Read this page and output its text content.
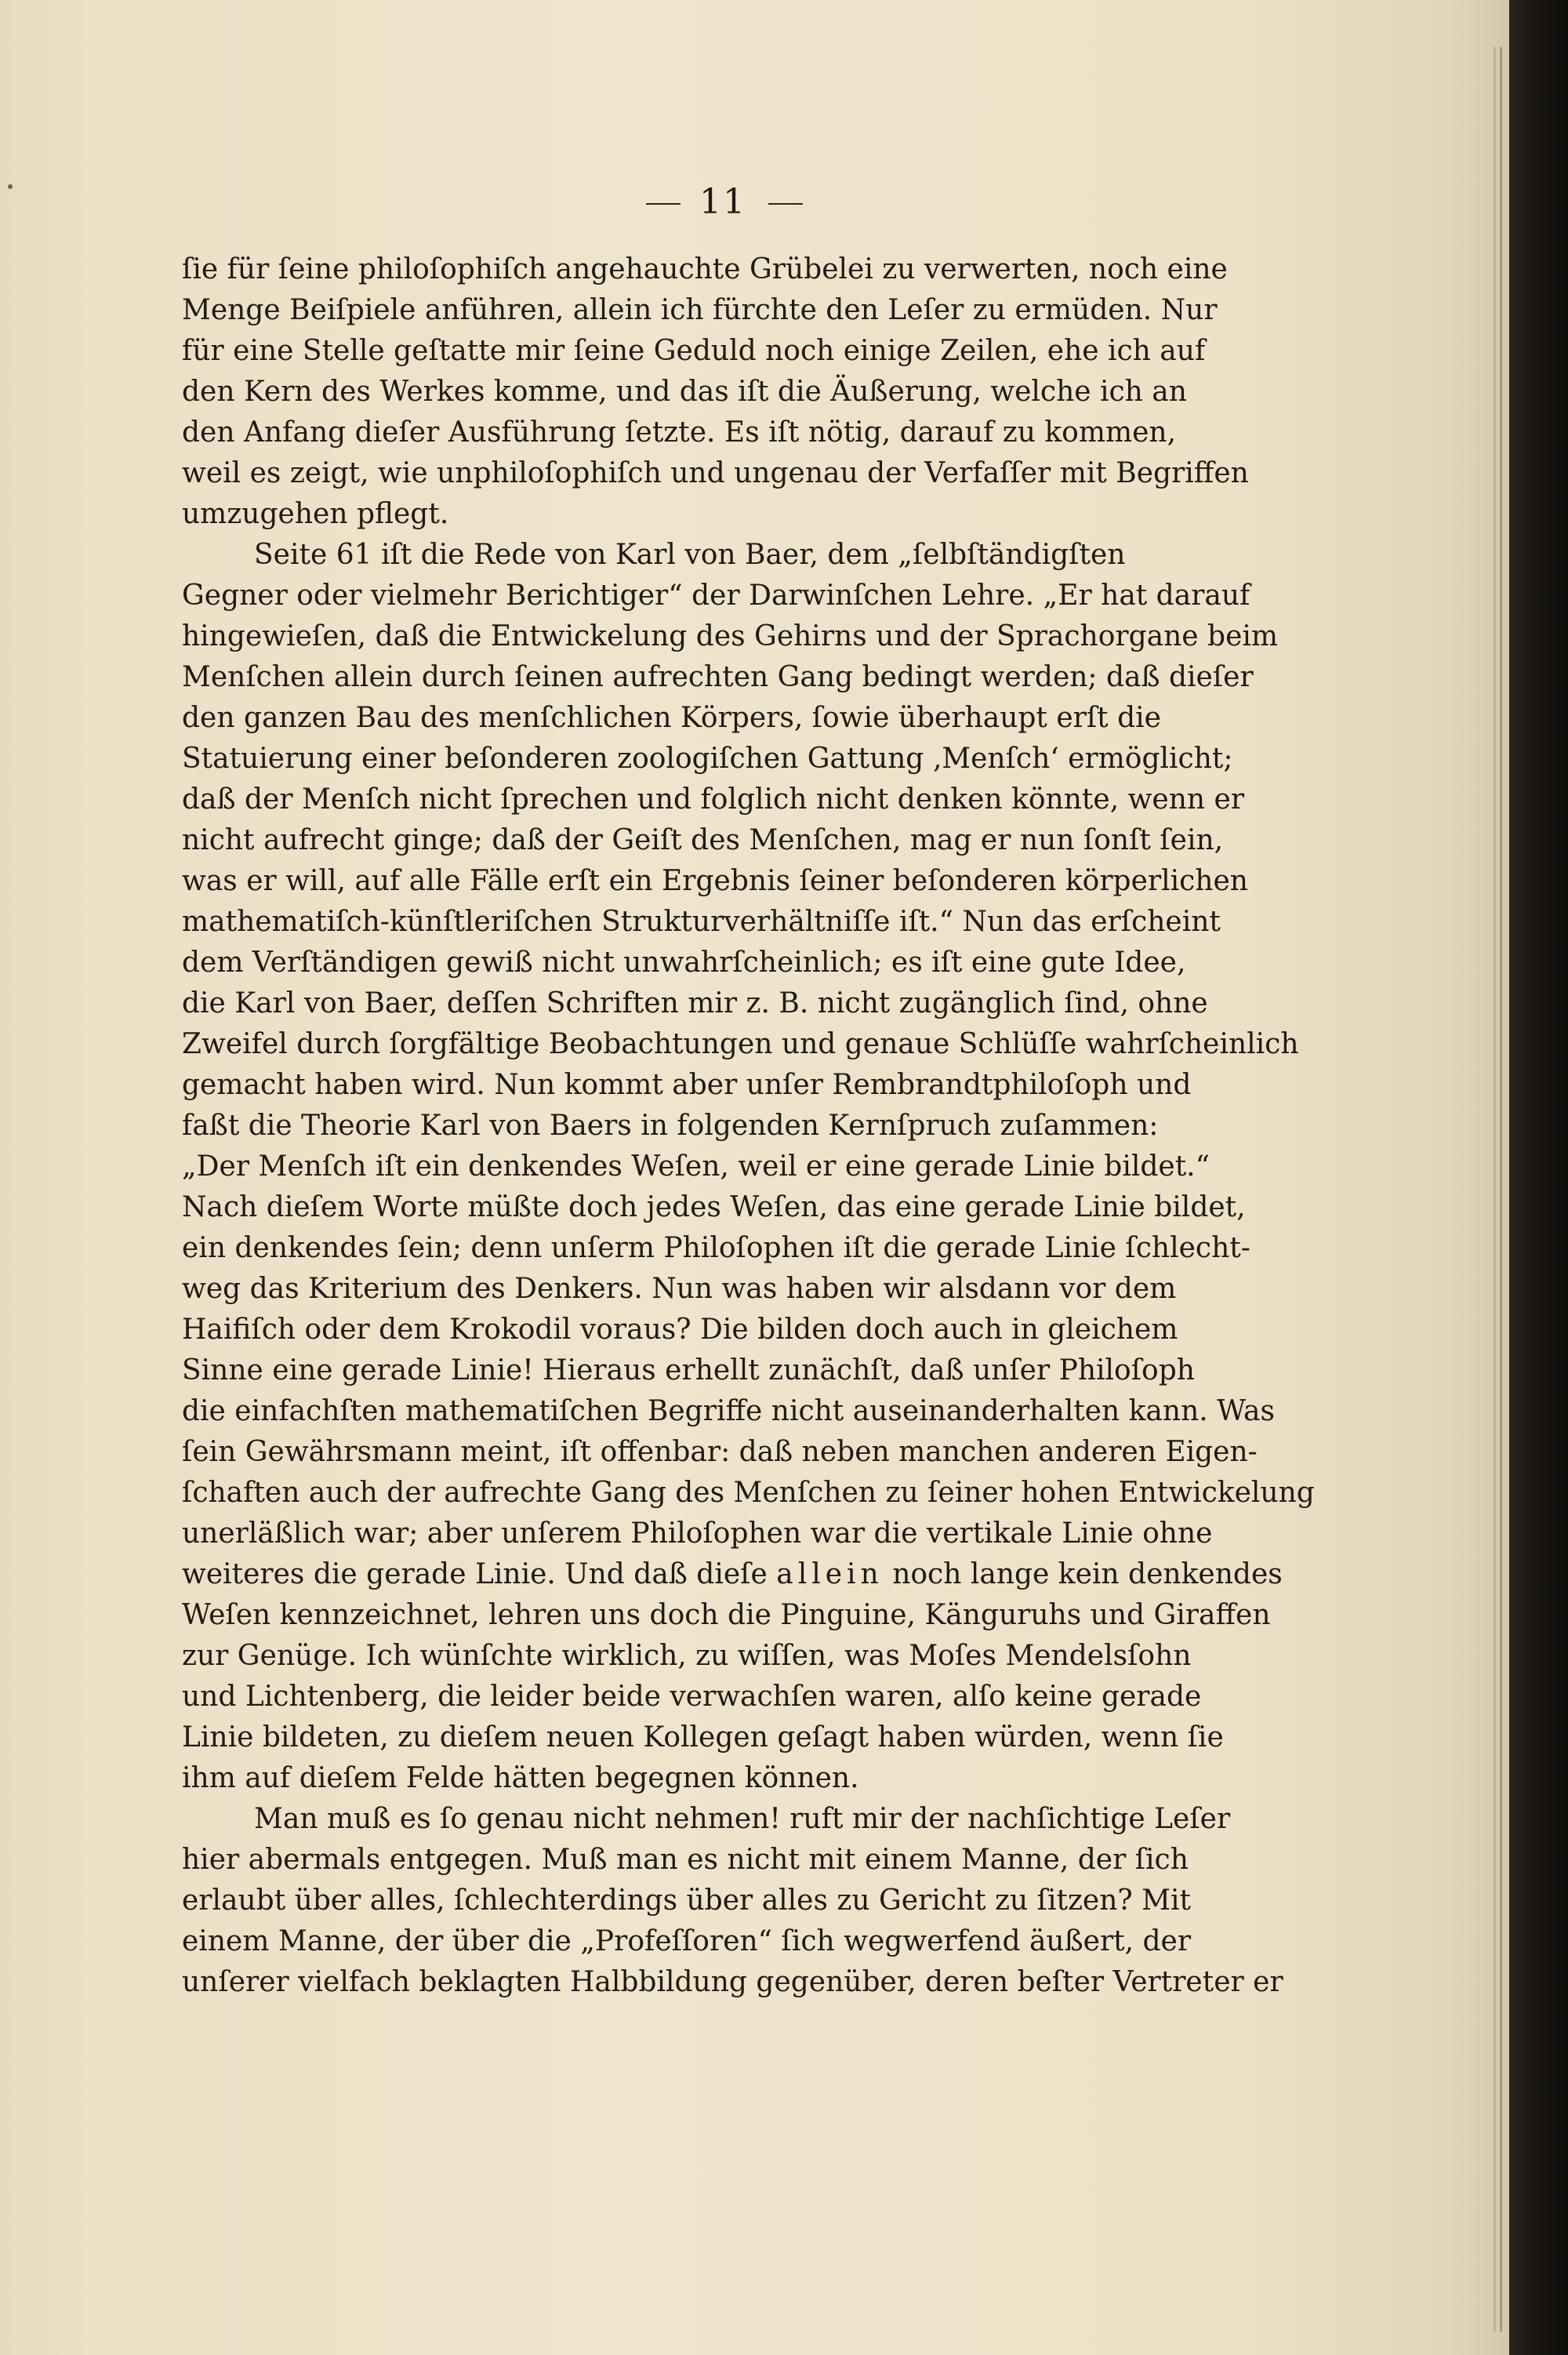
11
ſie für ſeine philoſophiſch angehauchte Grübelei zu verwerten, noch eine
Menge Beiſpiele anführen, allein ich fürchte den Leſer zu ermüden. Nur
für eine Stelle geſtatte mir ſeine Geduld noch einige Zeilen, ehe ich auf
den Kern des Werkes komme, und das iſt die Äußerung, welche ich an
den Anfang dieſer Ausführung ſetzte. Es iſt nötig, darauf zu kommen,
weil es zeigt, wie unphiloſophiſch und ungenau der Verfaſſer mit Begriffen
umzugehen pflegt.
Seite 61 iſt die Rede von Karl von Baer, dem „ſelbſtändigſten
Gegner oder vielmehr Berichtiger“ der Darwinſchen Lehre. „Er hat darauf
hingewieſen, daß die Entwickelung des Gehirns und der Sprachorgane beim
Menſchen allein durch ſeinen aufrechten Gang bedingt werden; daß dieſer
den ganzen Bau des menſchlichen Körpers, ſowie überhaupt erſt die
Statuierung einer beſonderen zoologiſchen Gattung ‚Menſch‘ ermöglicht;
daß der Menſch nicht ſprechen und folglich nicht denken könnte, wenn er
nicht aufrecht ginge; daß der Geiſt des Menſchen, mag er nun ſonſt ſein,
was er will, auf alle Fälle erſt ein Ergebnis ſeiner beſonderen körperlichen
mathematiſch-künſtleriſchen Strukturverhältniſſe iſt.“ Nun das erſcheint
dem Verſtändigen gewiß nicht unwahrſcheinlich; es iſt eine gute Idee,
die Karl von Baer, deſſen Schriften mir z. B. nicht zugänglich ſind, ohne
Zweifel durch ſorgfältige Beobachtungen und genaue Schlüſſe wahrſcheinlich
gemacht haben wird. Nun kommt aber unſer Rembrandtphiloſoph und
faßt die Theorie Karl von Baers in folgenden Kernſpruch zuſammen:
„Der Menſch iſt ein denkendes Weſen, weil er eine gerade Linie bildet.“
Nach dieſem Worte müßte doch jedes Weſen, das eine gerade Linie bildet,
ein denkendes ſein; denn unſerm Philoſophen iſt die gerade Linie ſchlecht-
weg das Kriterium des Denkers. Nun was haben wir alsdann vor dem
Haifiſch oder dem Krokodil voraus? Die bilden doch auch in gleichem
Sinne eine gerade Linie! Hieraus erhellt zunächſt, daß unſer Philoſoph
die einfachſten mathematiſchen Begriffe nicht auseinanderhalten kann. Was
ſein Gewährsmann meint, iſt offenbar: daß neben manchen anderen Eigen-
ſchaften auch der aufrechte Gang des Menſchen zu ſeiner hohen Entwickelung
unerläßlich war; aber unſerem Philoſophen war die vertikale Linie ohne
weiteres die gerade Linie. Und daß dieſe allein noch lange kein denkendes
Weſen kennzeichnet, lehren uns doch die Pinguine, Känguruhs und Giraffen
zur Genüge. Ich wünſchte wirklich, zu wiſſen, was Moſes Mendelsſohn
und Lichtenberg, die leider beide verwachſen waren, alſo keine gerade
Linie bildeten, zu dieſem neuen Kollegen geſagt haben würden, wenn ſie
ihm auf dieſem Felde hätten begegnen können.
Man muß es ſo genau nicht nehmen! ruft mir der nachſichtige Leſer
hier abermals entgegen. Muß man es nicht mit einem Manne, der ſich
erlaubt über alles, ſchlechterdings über alles zu Gericht zu ſitzen? Mit
einem Manne, der über die „Profeſſoren“ ſich wegwerfend äußert, der
unſerer vielfach beklagten Halbbildung gegenüber, deren beſter Vertreter er
